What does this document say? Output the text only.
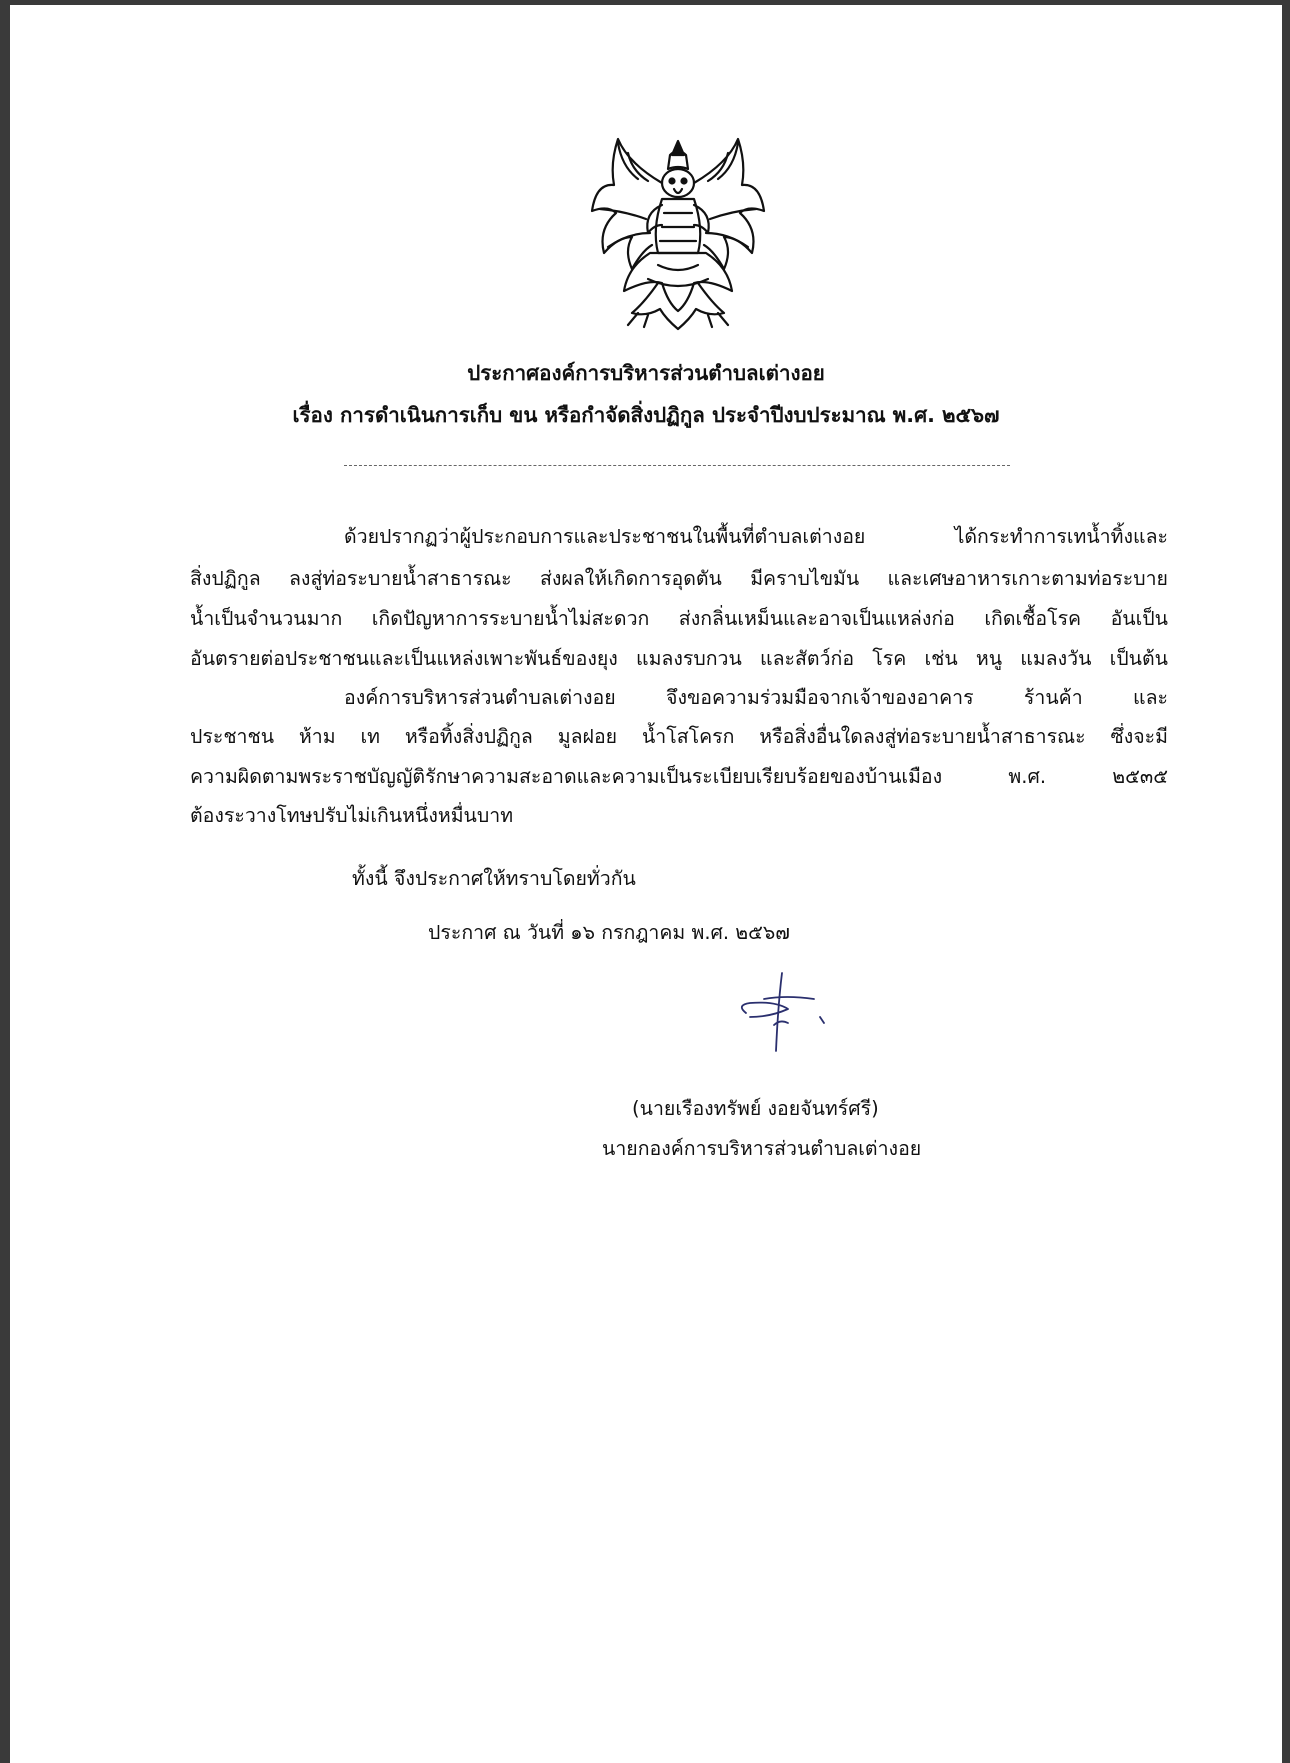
ประกาศองค์การบริหารส่วนตำบลเต่างอย
เรื่อง การดำเนินการเก็บ ขน หรือกำจัดสิ่งปฏิกูล ประจำปีงบประมาณ พ.ศ. ๒๕๖๗
ด้วยปรากฏว่าผู้ประกอบการและประชาชนในพื้นที่ตำบลเต่างอย ได้กระทำการเทน้ำทิ้งและ
สิ่งปฏิกูล ลงสู่ท่อระบายน้ำสาธารณะ ส่งผลให้เกิดการอุดตัน มีคราบไขมัน และเศษอาหารเกาะตามท่อระบาย
น้ำเป็นจำนวนมาก เกิดปัญหาการระบายน้ำไม่สะดวก ส่งกลิ่นเหม็นและอาจเป็นแหล่งก่อ เกิดเชื้อโรค อันเป็น
อันตรายต่อประชาชนและเป็นแหล่งเพาะพันธ์ของยุง แมลงรบกวน และสัตว์ก่อ โรค เช่น หนู แมลงวัน เป็นต้น
องค์การบริหารส่วนตำบลเต่างอย จึงขอความร่วมมือจากเจ้าของอาคาร ร้านค้า และ
ประชาชน ห้าม เท หรือทิ้งสิ่งปฏิกูล มูลฝอย น้ำโสโครก หรือสิ่งอื่นใดลงสู่ท่อระบายน้ำสาธารณะ ซึ่งจะมี
ความผิดตามพระราชบัญญัติรักษาความสะอาดและความเป็นระเบียบเรียบร้อยของบ้านเมือง พ.ศ. ๒๕๓๕
ต้องระวางโทษปรับไม่เกินหนึ่งหมื่นบาท
ทั้งนี้ จึงประกาศให้ทราบโดยทั่วกัน
ประกาศ ณ วันที่ ๑๖ กรกฎาคม พ.ศ. ๒๕๖๗
(นายเรืองทรัพย์ งอยจันทร์ศรี)
นายกองค์การบริหารส่วนตำบลเต่างอย
